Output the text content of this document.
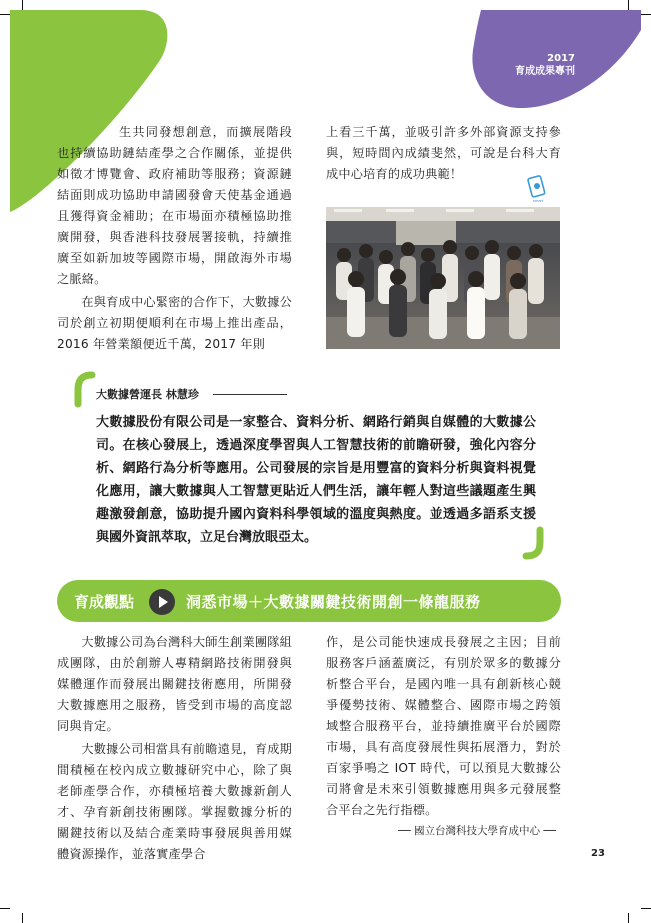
2017
育成成果專刊

生共同發想創意，而擴展階段也持續協助鏈結產學之合作關係，並提供如徵才博覽會、政府補助等服務；資源鏈結面則成功協助申請國發會天使基金通過且獲得資金補助；在市場面亦積極協助推廣開發，與香港科技發展署接軌，持續推廣至如新加坡等國際市場，開啟海外市場之脈絡。

在與育成中心緊密的合作下，大數據公司於創立初期便順利在市場上推出產品，2016 年營業額便近千萬，2017 年則

上看三千萬，並吸引許多外部資源支持參與，短時間內成績斐然，可說是台科大育成中心培育的成功典範！

smart
大數據營運長 林慧珍
大數據股份有限公司是一家整合、資料分析、網路行銷與自媒體的大數據公司。在核心發展上，透過深度學習與人工智慧技術的前瞻研發，強化內容分析、網路行為分析等應用。公司發展的宗旨是用豐富的資料分析與資料視覺化應用，讓大數據與人工智慧更貼近人們生活，讓年輕人對這些議題產生興趣激發創意，協助提升國內資料科學領域的溫度與熱度。並透過多語系支援與國外資訊萃取，立足台灣放眼亞太。
育成觀點	洞悉市場＋大數據關鍵技術開創一條龍服務

大數據公司為台灣科大師生創業團隊組成團隊，由於創辦人專精網路技術開發與媒體運作而發展出關鍵技術應用，所開發大數據應用之服務，皆受到市場的高度認同與肯定。

大數據公司相當具有前瞻遠見，育成期間積極在校內成立數據研究中心，除了與老師產學合作，亦積極培養大數據新創人才、孕育新創技術團隊。掌握數據分析的關鍵技術以及結合產業時事發展與善用媒體資源操作，並落實產學合

作，是公司能快速成長發展之主因；目前服務客戶涵蓋廣泛，有別於眾多的數據分析整合平台，是國內唯一具有創新核心競爭優勢技術、媒體整合、國際市場之跨領域整合服務平台，並持續推廣平台於國際市場，具有高度發展性與拓展潛力，對於百家爭鳴之 IOT 時代，可以預見大數據公司將會是未來引領數據應用與多元發展整合平台之先行指標。

── 國立台灣科技大學育成中心 ──
23
